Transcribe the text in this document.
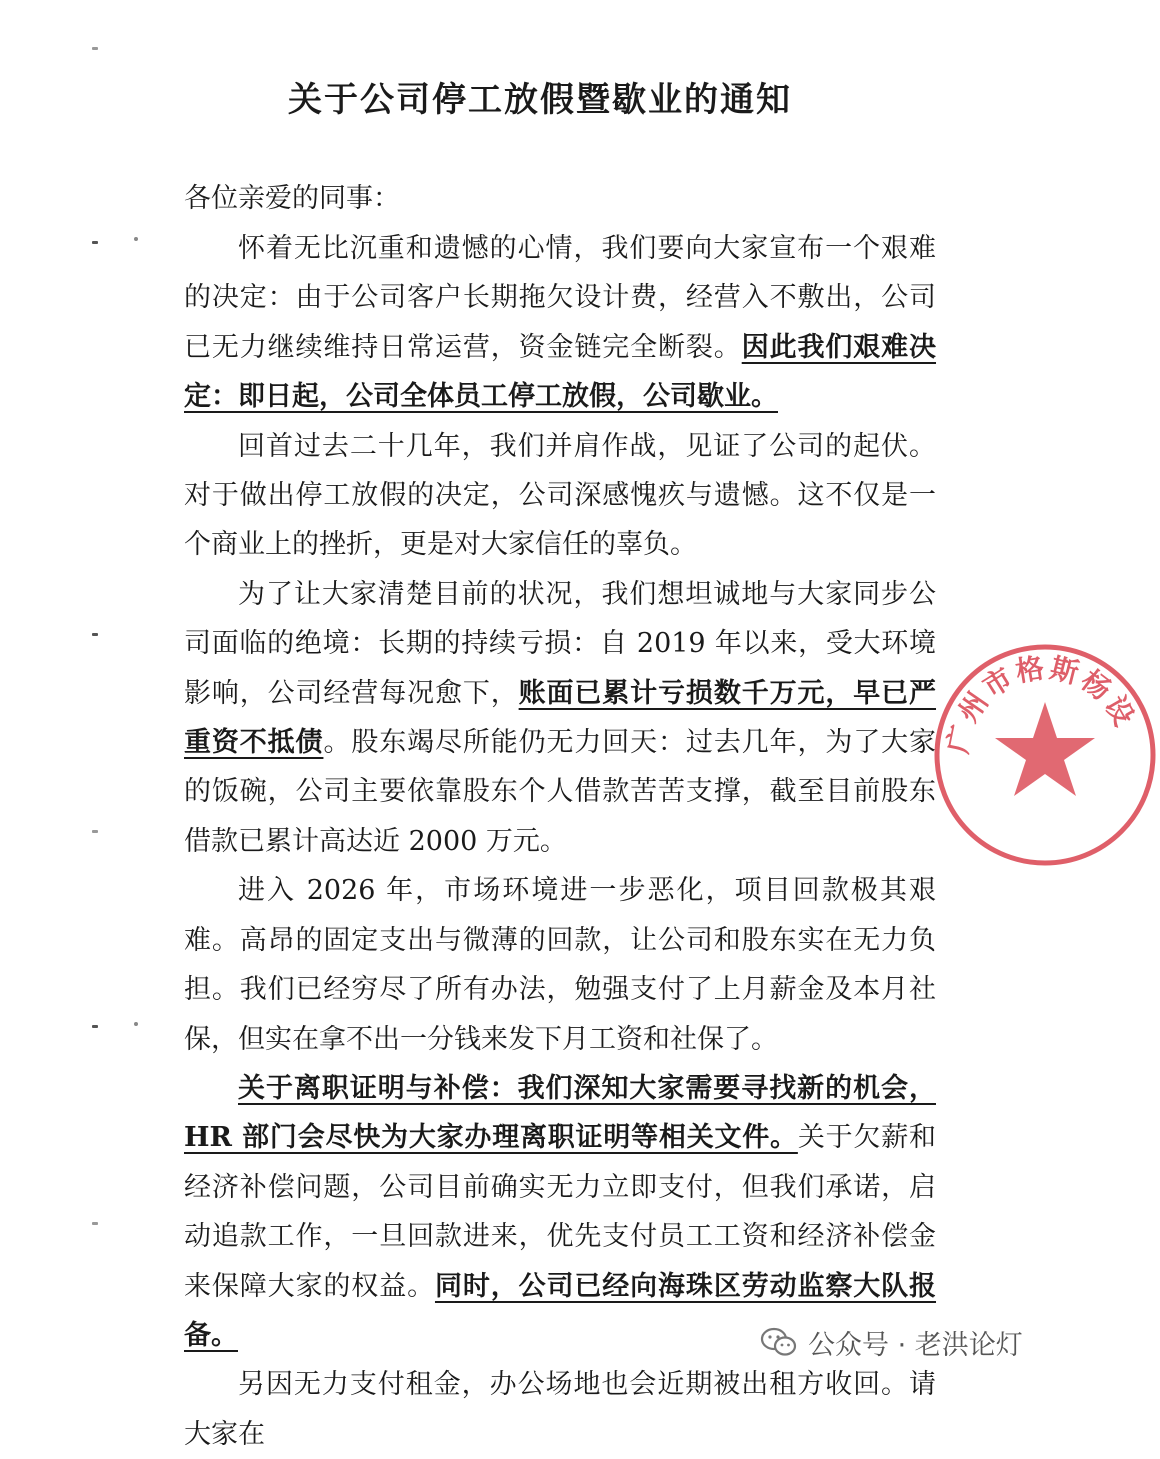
关于公司停工放假暨歇业的通知
各位亲爱的同事：

怀着无比沉重和遗憾的心情，我们要向大家宣布一个艰难的决定：由于公司客户长期拖欠设计费，经营入不敷出，公司已无力继续维持日常运营，资金链完全断裂。因此我们艰难决定：即日起，公司全体员工停工放假，公司歇业。

回首过去二十几年，我们并肩作战，见证了公司的起伏。对于做出停工放假的决定，公司深感愧疚与遗憾。这不仅是一个商业上的挫折，更是对大家信任的辜负。

为了让大家清楚目前的状况，我们想坦诚地与大家同步公司面临的绝境：长期的持续亏损：自 2019 年以来，受大环境影响，公司经营每况愈下，账面已累计亏损数千万元，早已严重资不抵债。股东竭尽所能仍无力回天：过去几年，为了大家的饭碗，公司主要依靠股东个人借款苦苦支撑，截至目前股东借款已累计高达近 2000 万元。

进入 2026 年，市场环境进一步恶化，项目回款极其艰难。高昂的固定支出与微薄的回款，让公司和股东实在无力负担。我们已经穷尽了所有办法，勉强支付了上月薪金及本月社保，但实在拿不出一分钱来发下月工资和社保了。

关于离职证明与补偿：我们深知大家需要寻找新的机会，HR 部门会尽快为大家办理离职证明等相关文件。关于欠薪和经济补偿问题，公司目前确实无力立即支付，但我们承诺，启动追款工作，一旦回款进来，优先支付员工工资和经济补偿金来保障大家的权益。同时，公司已经向海珠区劳动监察大队报备。

另因无力支付租金，办公场地也会近期被出租方收回。请大家在

广州市格斯杨设
公众号 · 老洪论灯
